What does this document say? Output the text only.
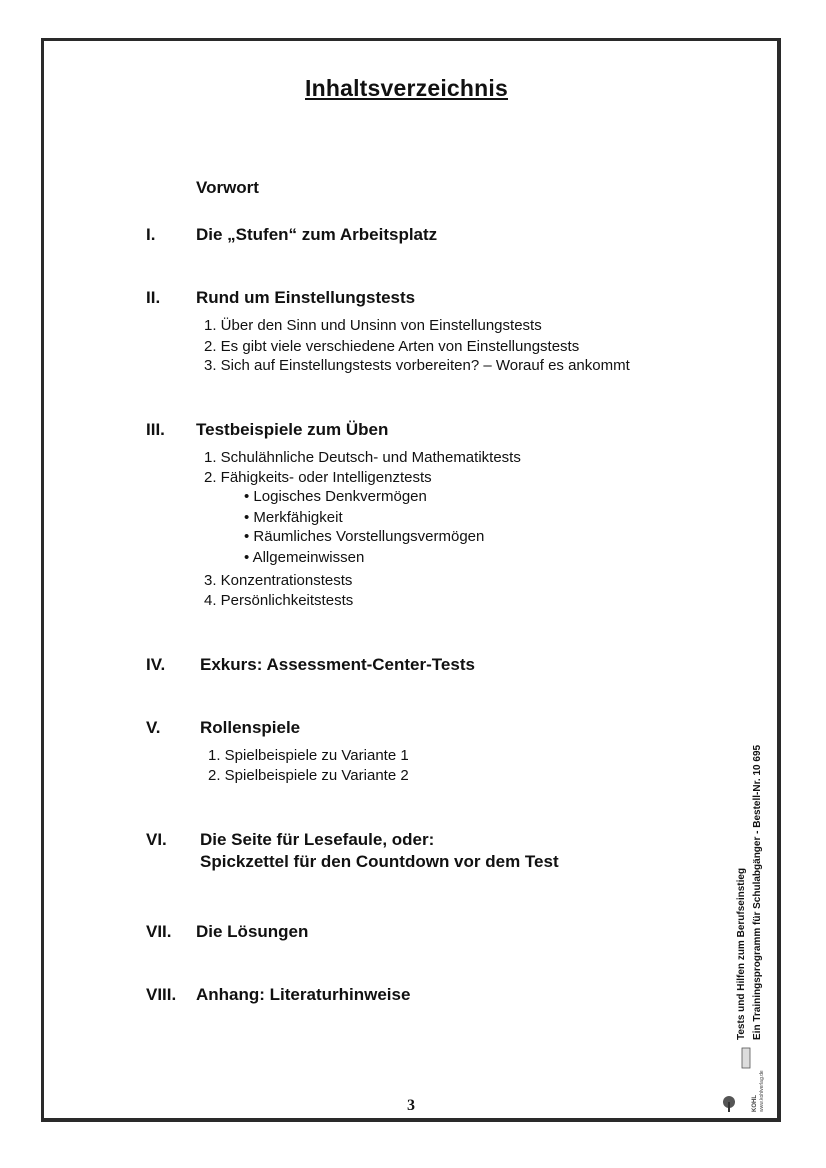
Inhaltsverzeichnis
Vorwort
I. Die „Stufen“ zum Arbeitsplatz
II. Rund um Einstellungstests
1. Über den Sinn und Unsinn von Einstellungstests
2. Es gibt viele verschiedene Arten von Einstellungstests
3. Sich auf Einstellungstests vorbereiten? – Worauf es ankommt
III. Testbeispiele zum Üben
1. Schulähnliche Deutsch- und Mathematiktests
2. Fähigkeits- oder Intelligenztests
• Logisches Denkvermögen
• Merkfähigkeit
• Räumliches Vorstellungsvermögen
• Allgemeinwissen
3. Konzentrationstests
4. Persönlichkeitstests
IV. Exkurs: Assessment-Center-Tests
V. Rollenspiele
1. Spielbeispiele zu Variante 1
2. Spielbeispiele zu Variante 2
VI. Die Seite für Lesefaule, oder:
Spickzettel für den Countdown vor dem Test
VII. Die Lösungen
VIII. Anhang: Literaturhinweise
3
Tests und Hilfen zum Berufseinstieg Ein Trainingsprogramm für Schulabgänger - Bestell-Nr. 10 695
KOHL www.kohlverlag.de
